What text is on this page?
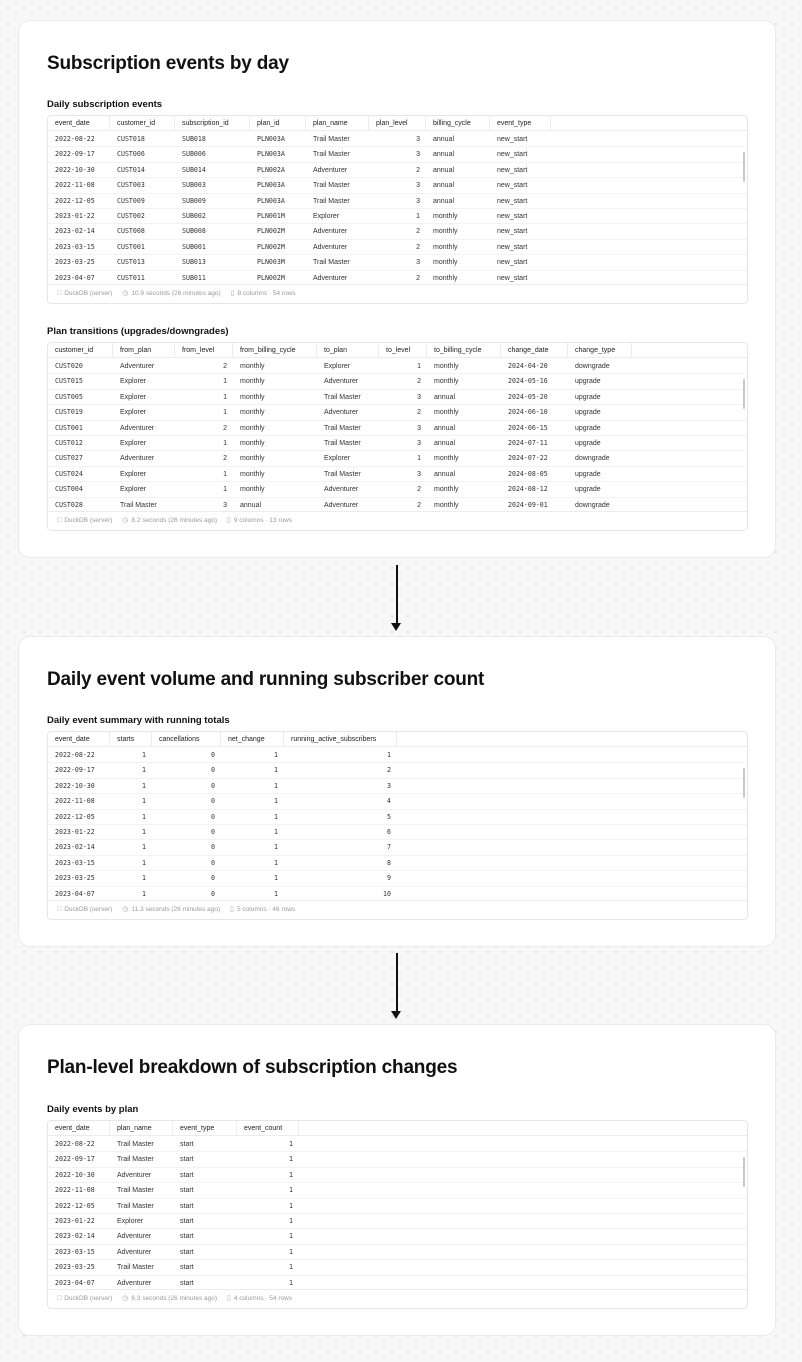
Subscription events by day
Daily subscription events
event_date	customer_id	subscription_id	plan_id	plan_name	plan_level	billing_cycle	event_type
2022-08-22	CUST018	SUB018	PLN003A	Trail Master	3	annual	new_start
2022-09-17	CUST006	SUB006	PLN003A	Trail Master	3	annual	new_start
2022-10-30	CUST014	SUB014	PLN002A	Adventurer	2	annual	new_start
2022-11-08	CUST003	SUB003	PLN003A	Trail Master	3	annual	new_start
2022-12-05	CUST009	SUB009	PLN003A	Trail Master	3	annual	new_start
2023-01-22	CUST002	SUB002	PLN001M	Explorer	1	monthly	new_start
2023-02-14	CUST008	SUB008	PLN002M	Adventurer	2	monthly	new_start
2023-03-15	CUST001	SUB001	PLN002M	Adventurer	2	monthly	new_start
2023-03-25	CUST013	SUB013	PLN003M	Trail Master	3	monthly	new_start
2023-04-07	CUST011	SUB011	PLN002M	Adventurer	2	monthly	new_start
□ DuckDB (server) ◷ 10.9 seconds (26 minutes ago) ▯ 8 columns · 54 rows
Plan transitions (upgrades/downgrades)
customer_id	from_plan	from_level	from_billing_cycle	to_plan	to_level	to_billing_cycle	change_date	change_type
CUST020	Adventurer	2	monthly	Explorer	1	monthly	2024-04-20	downgrade
CUST015	Explorer	1	monthly	Adventurer	2	monthly	2024-05-16	upgrade
CUST005	Explorer	1	monthly	Trail Master	3	annual	2024-05-20	upgrade
CUST019	Explorer	1	monthly	Adventurer	2	monthly	2024-06-10	upgrade
CUST001	Adventurer	2	monthly	Trail Master	3	annual	2024-06-15	upgrade
CUST012	Explorer	1	monthly	Trail Master	3	annual	2024-07-11	upgrade
CUST027	Adventurer	2	monthly	Explorer	1	monthly	2024-07-22	downgrade
CUST024	Explorer	1	monthly	Trail Master	3	annual	2024-08-05	upgrade
CUST004	Explorer	1	monthly	Adventurer	2	monthly	2024-08-12	upgrade
CUST028	Trail Master	3	annual	Adventurer	2	monthly	2024-09-01	downgrade
□ DuckDB (server) ◷ 8.2 seconds (26 minutes ago) ▯ 9 columns · 13 rows
Daily event volume and running subscriber count
Daily event summary with running totals
event_date	starts	cancellations	net_change	running_active_subscribers
2022-08-22	1	0	1	1
2022-09-17	1	0	1	2
2022-10-30	1	0	1	3
2022-11-08	1	0	1	4
2022-12-05	1	0	1	5
2023-01-22	1	0	1	6
2023-02-14	1	0	1	7
2023-03-15	1	0	1	8
2023-03-25	1	0	1	9
2023-04-07	1	0	1	10
□ DuckDB (server) ◷ 11.3 seconds (26 minutes ago) ▯ 5 columns · 46 rows
Plan-level breakdown of subscription changes
Daily events by plan
event_date	plan_name	event_type	event_count
2022-08-22	Trail Master	start	1
2022-09-17	Trail Master	start	1
2022-10-30	Adventurer	start	1
2022-11-08	Trail Master	start	1
2022-12-05	Trail Master	start	1
2023-01-22	Explorer	start	1
2023-02-14	Adventurer	start	1
2023-03-15	Adventurer	start	1
2023-03-25	Trail Master	start	1
2023-04-07	Adventurer	start	1
□ DuckDB (server) ◷ 6.3 seconds (26 minutes ago) ▯ 4 columns · 54 rows
